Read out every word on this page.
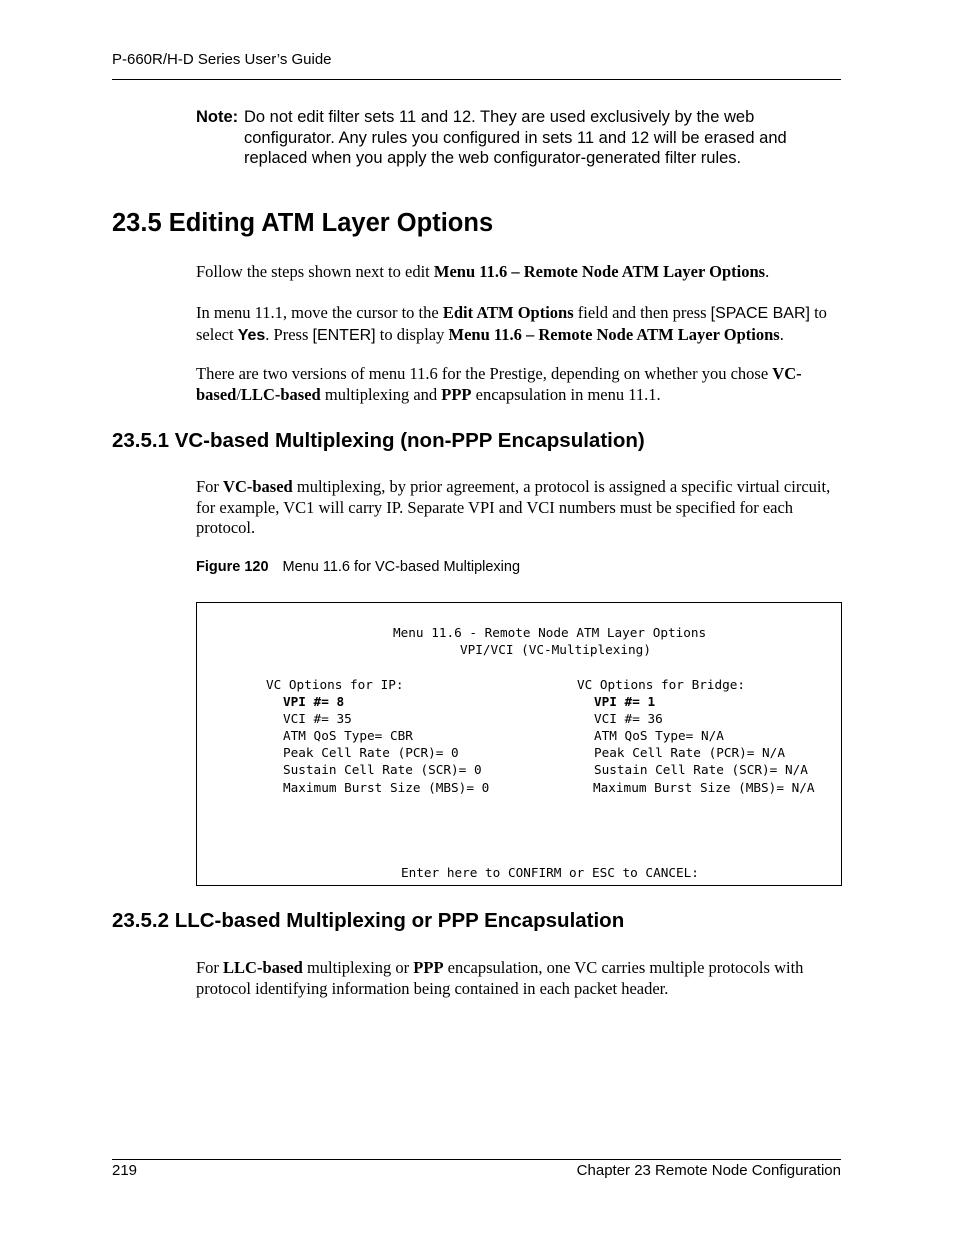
P-660R/H-D Series User’s Guide
Note: Do not edit filter sets 11 and 12. They are used exclusively by the web configurator. Any rules you configured in sets 11 and 12 will be erased and replaced when you apply the web configurator-generated filter rules.
23.5 Editing ATM Layer Options
Follow the steps shown next to edit Menu 11.6 – Remote Node ATM Layer Options.
In menu 11.1, move the cursor to the Edit ATM Options field and then press [SPACE BAR] to select Yes. Press [ENTER] to display Menu 11.6 – Remote Node ATM Layer Options.
There are two versions of menu 11.6 for the Prestige, depending on whether you chose VC-based/LLC-based multiplexing and PPP encapsulation in menu 11.1.
23.5.1 VC-based Multiplexing (non-PPP Encapsulation)
For VC-based multiplexing, by prior agreement, a protocol is assigned a specific virtual circuit, for example, VC1 will carry IP. Separate VPI and VCI numbers must be specified for each protocol.
Figure 120 Menu 11.6 for VC-based Multiplexing
Menu 11.6 - Remote Node ATM Layer Options
VPI/VCI (VC-Multiplexing)
VC Options for IP:
VPI #= 8
VCI #= 35
ATM QoS Type= CBR
Peak Cell Rate (PCR)= 0
Sustain Cell Rate (SCR)= 0
Maximum Burst Size (MBS)= 0
VC Options for Bridge:
VPI #= 1
VCI #= 36
ATM QoS Type= N/A
Peak Cell Rate (PCR)= N/A
Sustain Cell Rate (SCR)= N/A
Maximum Burst Size (MBS)= N/A
Enter here to CONFIRM or ESC to CANCEL:
23.5.2 LLC-based Multiplexing or PPP Encapsulation
For LLC-based multiplexing or PPP encapsulation, one VC carries multiple protocols with protocol identifying information being contained in each packet header.
219	Chapter 23 Remote Node Configuration
